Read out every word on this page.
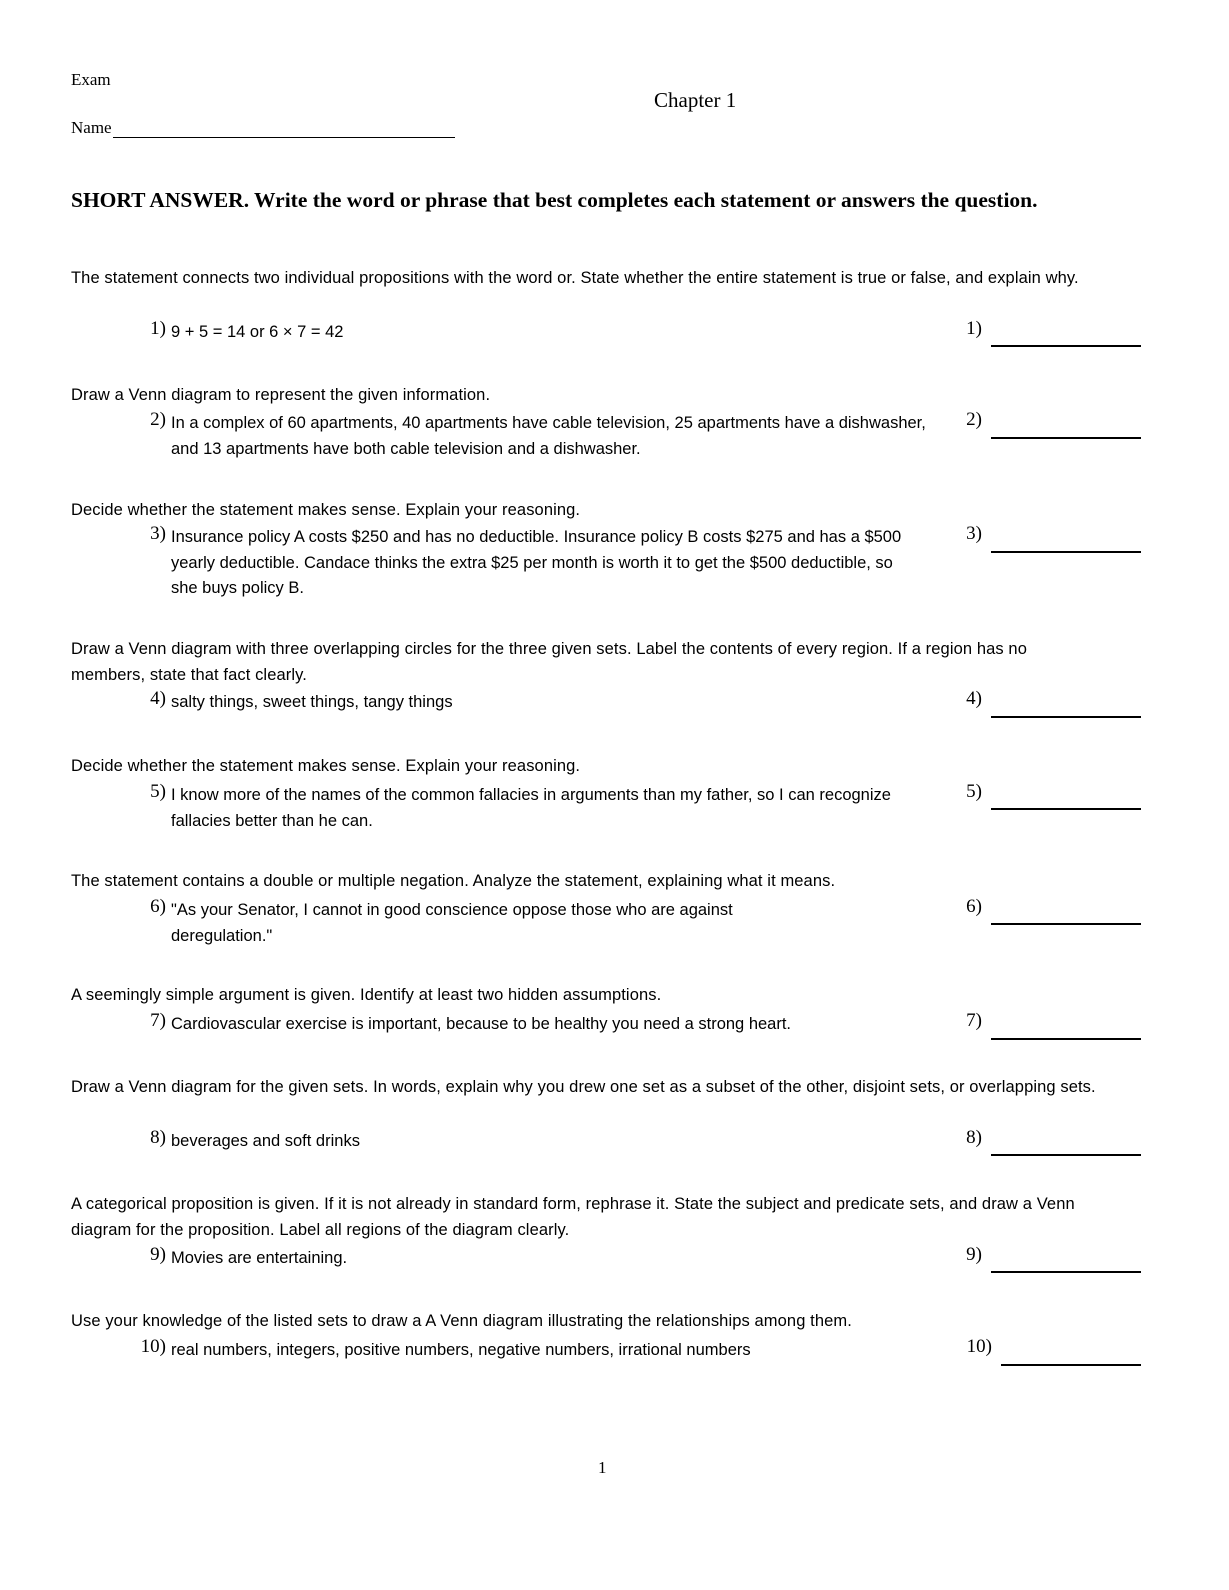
Exam
Chapter 1
Name
SHORT ANSWER. Write the word or phrase that best completes each statement or answers the question.
The statement connects two individual propositions with the word or. State whether the entire statement is true or false, and explain why.
1) 9 + 5 = 14 or 6 × 7 = 42	1)
Draw a Venn diagram to represent the given information.
2) In a complex of 60 apartments, 40 apartments have cable television, 25 apartments have a dishwasher, and 13 apartments have both cable television and a dishwasher.
2)
Decide whether the statement makes sense. Explain your reasoning.
3) Insurance policy A costs $250 and has no deductible. Insurance policy B costs $275 and has a $500 yearly deductible. Candace thinks the extra $25 per month is worth it to get the $500 deductible, so she buys policy B.
3)
Draw a Venn diagram with three overlapping circles for the three given sets. Label the contents of every region. If a region has no members, state that fact clearly.
4) salty things, sweet things, tangy things	4)
Decide whether the statement makes sense. Explain your reasoning.
5) I know more of the names of the common fallacies in arguments than my father, so I can recognize fallacies better than he can.
5)
The statement contains a double or multiple negation. Analyze the statement, explaining what it means.
6) "As your Senator, I cannot in good conscience oppose those who are against deregulation."
6)
A seemingly simple argument is given. Identify at least two hidden assumptions.
7) Cardiovascular exercise is important, because to be healthy you need a strong heart.	7)
Draw a Venn diagram for the given sets. In words, explain why you drew one set as a subset of the other, disjoint sets, or overlapping sets.
8) beverages and soft drinks	8)
A categorical proposition is given. If it is not already in standard form, rephrase it. State the subject and predicate sets, and draw a Venn diagram for the proposition. Label all regions of the diagram clearly.
9) Movies are entertaining.	9)
Use your knowledge of the listed sets to draw a A Venn diagram illustrating the relationships among them.
10) real numbers, integers, positive numbers, negative numbers, irrational numbers	10)
1
